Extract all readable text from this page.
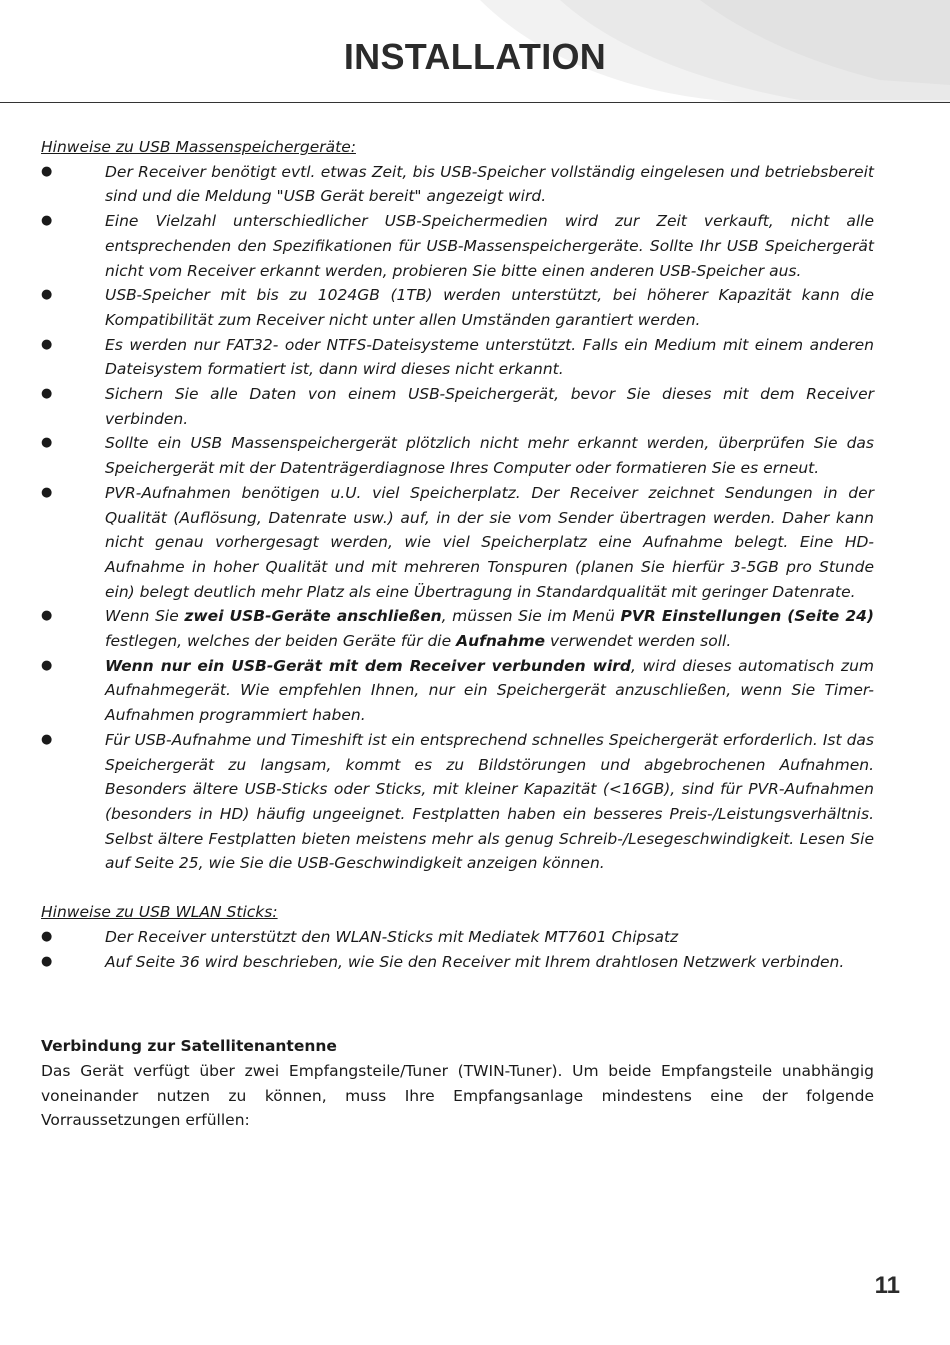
INSTALLATION
Hinweise zu USB Massenspeichergeräte:
●	Der Receiver benötigt evtl. etwas Zeit, bis USB-Speicher vollständig eingelesen und betriebsbereit sind und die Meldung "USB Gerät bereit" angezeigt wird.
●	Eine Vielzahl unterschiedlicher USB-Speichermedien wird zur Zeit verkauft, nicht alle entsprechenden den Spezifikationen für USB-Massenspeichergeräte. Sollte Ihr USB Speichergerät nicht vom Receiver erkannt werden, probieren Sie bitte einen anderen USB-Speicher aus.
●	USB-Speicher mit bis zu 1024GB (1TB) werden unterstützt, bei höherer Kapazität kann die Kompatibilität zum Receiver nicht unter allen Umständen garantiert werden.
●	Es werden nur FAT32- oder NTFS-Dateisysteme unterstützt. Falls ein Medium mit einem anderen Dateisystem formatiert ist, dann wird dieses nicht erkannt.
●	Sichern Sie alle Daten von einem USB-Speichergerät, bevor Sie dieses mit dem Receiver verbinden.
●	Sollte ein USB Massenspeichergerät plötzlich nicht mehr erkannt werden, überprüfen Sie das Speichergerät mit der Datenträgerdiagnose Ihres Computer oder formatieren Sie es erneut.
●	PVR-Aufnahmen benötigen u.U. viel Speicherplatz. Der Receiver zeichnet Sendungen in der Qualität (Auflösung, Datenrate usw.) auf, in der sie vom Sender übertragen werden. Daher kann nicht genau vorhergesagt werden, wie viel Speicherplatz eine Aufnahme belegt. Eine HD-Aufnahme in hoher Qualität und mit mehreren Tonspuren (planen Sie hierfür 3-5GB pro Stunde ein) belegt deutlich mehr Platz als eine Übertragung in Standardqualität mit geringer Datenrate.
●	Wenn Sie zwei USB-Geräte anschließen, müssen Sie im Menü PVR Einstellungen (Seite 24) festlegen, welches der beiden Geräte für die Aufnahme verwendet werden soll.
●	Wenn nur ein USB-Gerät mit dem Receiver verbunden wird, wird dieses automatisch zum Aufnahmegerät. Wie empfehlen Ihnen, nur ein Speichergerät anzuschließen, wenn Sie Timer-Aufnahmen programmiert haben.
●	Für USB-Aufnahme und Timeshift ist ein entsprechend schnelles Speichergerät erforderlich. Ist das Speichergerät zu langsam, kommt es zu Bildstörungen und abgebrochenen Aufnahmen. Besonders ältere USB-Sticks oder Sticks, mit kleiner Kapazität (<16GB), sind für PVR-Aufnahmen (besonders in HD) häufig ungeeignet. Festplatten haben ein besseres Preis-/Leistungsverhältnis. Selbst ältere Festplatten bieten meistens mehr als genug Schreib-/Lesegeschwindigkeit. Lesen Sie auf Seite 25, wie Sie die USB-Geschwindigkeit anzeigen können.
Hinweise zu USB WLAN Sticks:
●	Der Receiver unterstützt den WLAN-Sticks mit Mediatek MT7601 Chipsatz
●	Auf Seite 36 wird beschrieben, wie Sie den Receiver mit Ihrem drahtlosen Netzwerk verbinden.
Verbindung zur Satellitenantenne
Das Gerät verfügt über zwei Empfangsteile/Tuner (TWIN-Tuner). Um beide Empfangsteile unabhängig voneinander nutzen zu können, muss Ihre Empfangsanlage mindestens eine der folgende Vorraussetzungen erfüllen:
11
